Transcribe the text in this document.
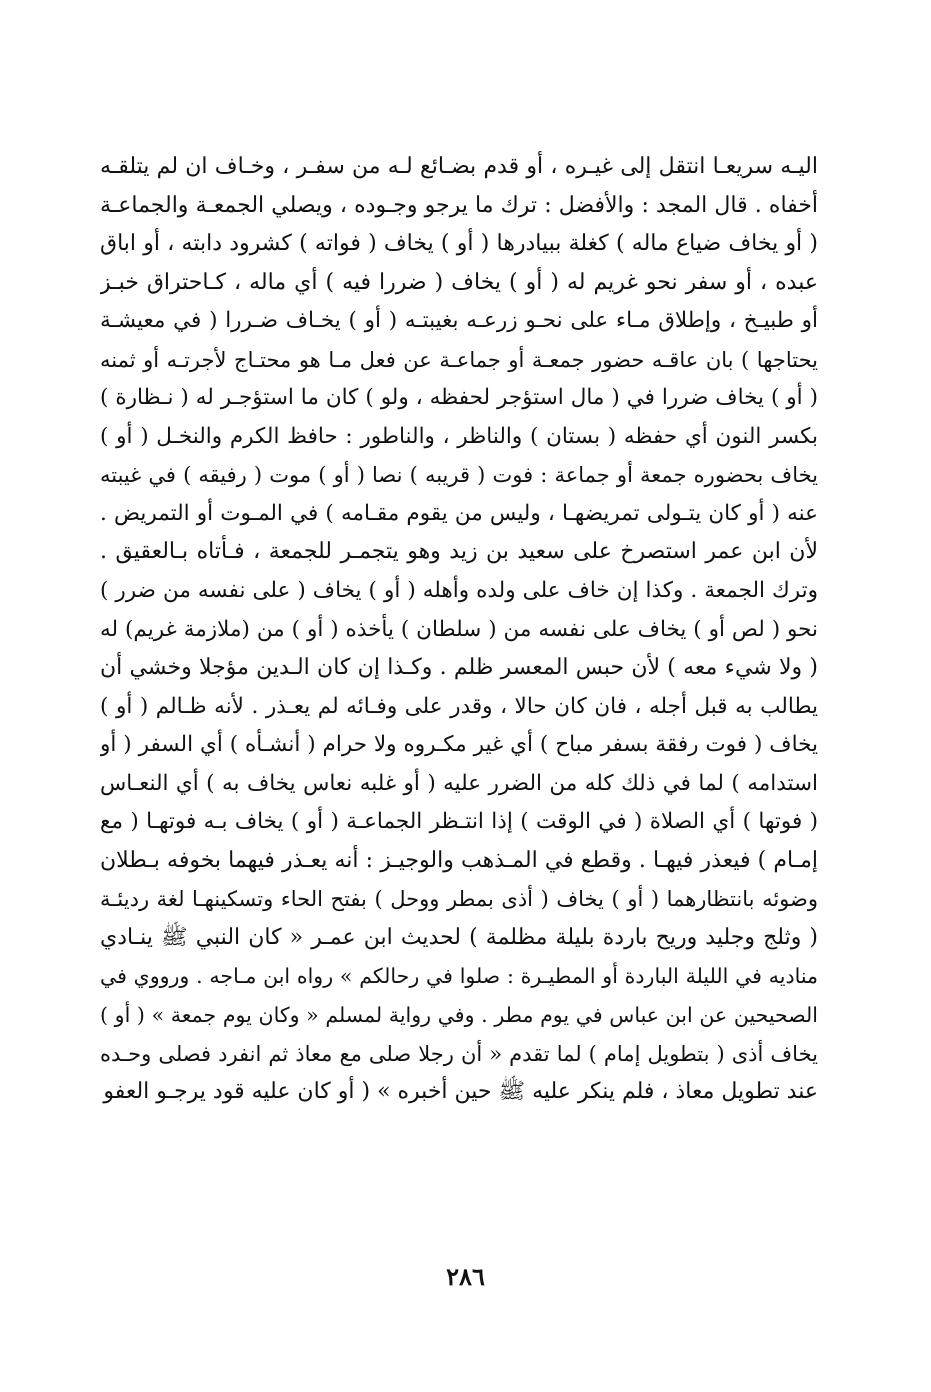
اليـه سريعـا انتقل إلى غيـره ، أو قدم بضـائع لـه من سفـر ، وخـاف ان لم يتلقـه
أخفاه . قال المجد : والأفضل : ترك ما يرجو وجـوده ، ويصلي الجمعـة والجماعـة
( أو يخاف ضياع ماله ) كغلة ببيادرها ( أو ) يخاف ( فواته ) كشرود دابته ، أو اباق
عبده ، أو سفر نحو غريم له ( أو ) يخاف ( ضررا فيه ) أي ماله ، كـاحتراق خبـز
أو طبيـخ ، وإطلاق مـاء على نحـو زرعـه بغيبتـه ( أو ) يخـاف ضـررا ( في معيشـة
يحتاجها ) بان عاقـه حضور جمعـة أو جماعـة عن فعل مـا هو محتـاج لأجرتـه أو ثمنه
( أو ) يخاف ضررا في ( مال استؤجر لحفظه ، ولو ) كان ما استؤجـر له ( نـظارة )
بكسر النون أي حفظه ( بستان ) والناظر ، والناطور : حافظ الكرم والنخـل ( أو )
يخاف بحضوره جمعة أو جماعة : فوت ( قريبه ) نصا ( أو ) موت ( رفيقه ) في غيبته
عنه ( أو كان يتـولى تمريضهـا ، وليس من يقوم مقـامه ) في المـوت أو التمريض .
لأن ابن عمر استصرخ على سعيد بن زيد وهو يتجمـر للجمعة ، فـأتاه بـالعقيق .
وترك الجمعة . وكذا إن خاف على ولده وأهله ( أو ) يخاف ( على نفسه من ضرر )
نحو ( لص أو ) يخاف على نفسه من ( سلطان ) يأخذه ( أو ) من (ملازمة غريم) له
( ولا شيء معه ) لأن حبس المعسر ظلم . وكـذا إن كان الـدين مؤجلا وخشي أن
يطالب به قبل أجله ، فان كان حالا ، وقدر على وفـائه لم يعـذر . لأنه ظـالم ( أو )
يخاف ( فوت رفقة بسفر مباح ) أي غير مكـروه ولا حرام ( أنشـأه ) أي السفر ( أو
استدامه ) لما في ذلك كله من الضرر عليه ( أو غلبه نعاس يخاف به ) أي النعـاس
( فوتها ) أي الصلاة ( في الوقت ) إذا انتـظر الجماعـة ( أو ) يخاف بـه فوتهـا ( مع
إمـام ) فيعذر فيهـا . وقطع في المـذهب والوجيـز : أنه يعـذر فيهما بخوفه بـطلان
وضوئه بانتظارهما ( أو ) يخاف ( أذى بمطر ووحل ) بفتح الحاء وتسكينهـا لغة رديئـة
( وثلج وجليد وريح باردة بليلة مظلمة ) لحديث ابن عمـر « كان النبي ﷺ ينـادي
مناديه في الليلة الباردة أو المطيـرة : صلوا في رحالكم » رواه ابن مـاجه . ورووي في
الصحيحين عن ابن عباس في يوم مطر . وفي رواية لمسلم « وكان يوم جمعة » ( أو )
يخاف أذى ( بتطويل إمام ) لما تقدم « أن رجلا صلى مع معاذ ثم انفرد فصلى وحـده
عند تطويل معاذ ، فلم ينكر عليه ﷺ حين أخبره » ( أو كان عليه قود يرجـو العفو
٢٨٦
